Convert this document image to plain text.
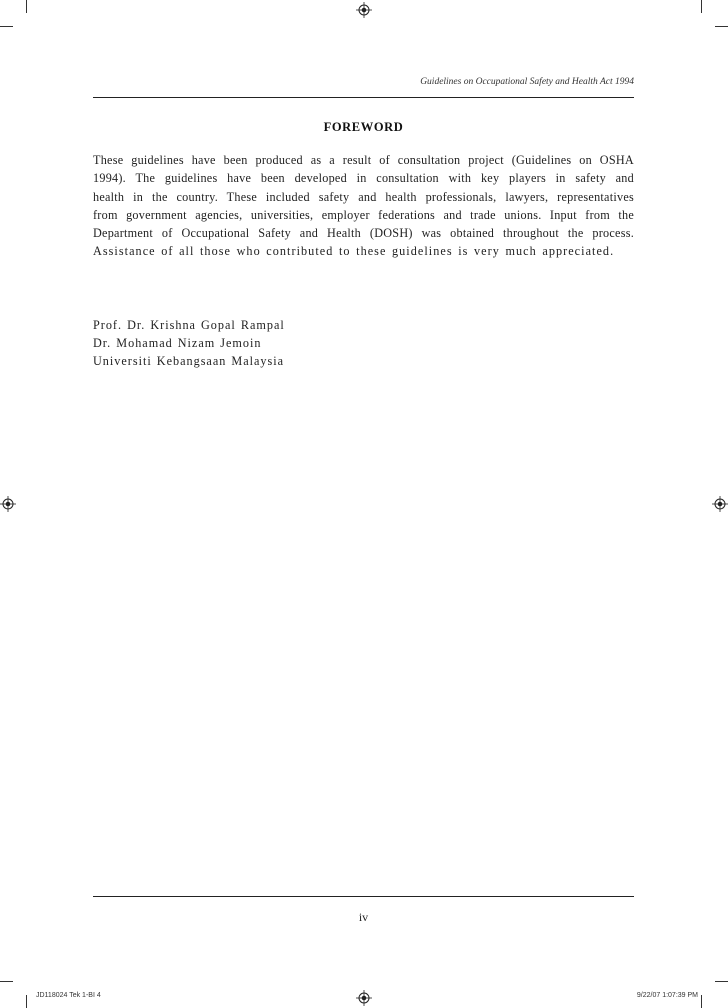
Guidelines on Occupational Safety and Health Act 1994
FOREWORD
These guidelines have been produced as a result of consultation project (Guidelines on OSHA
1994). The guidelines have been developed in consultation with key players in safety and
health in the country. These included safety and health professionals, lawyers, representatives
from government agencies, universities, employer federations and trade unions. Input from the
Department of Occupational Safety and Health (DOSH) was obtained throughout the process.
Assistance of all those who contributed to these guidelines is very much appreciated.
Prof. Dr. Krishna Gopal Rampal
Dr. Mohamad Nizam Jemoin
Universiti Kebangsaan Malaysia
iv
JD118024 Tek 1-BI 4	9/22/07 1:07:39 PM
